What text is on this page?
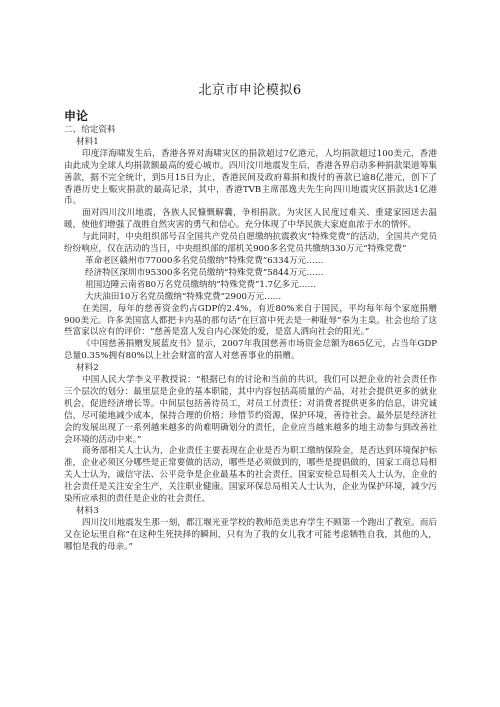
北京市申论模拟6
申论

二、给定资料

材料1

印度洋海啸发生后，香港各界对海啸灾区的捐款超过7亿港元，人均捐款超过100美元，香港由此成为全球人均捐款额最高的爱心城市。四川汶川地震发生后，香港各界启动多种捐款渠道筹集善款，据不完全统计，到5月15日为止，香港民间及政府募捐和拨付的善款已逾8亿港元，创下了香港历史上赈灾捐款的最高记录，其中，香港TVB主席邵逸夫先生向四川地震灾区捐款达1亿港币。

面对四川汶川地震，各族人民慷慨解囊，争相捐款。为灾区人民度过难关、重建家园送去温暖，使他们增强了战胜自然灾害的勇气和信心。充分体现了中华民族大家庭血浓于水的情怀。

与此同时，中央组织部号召全国共产党员自愿缴纳抗震救灾“特殊党费”的活动，全国共产党员纷纷响应，仅在活动的当日，中央组织部的部机关900多名党员共缴纳330万元“特殊党费”

革命老区赣州市77000多名党员缴纳“特殊党费”6334万元……

经济特区深圳市95300多名党员缴纳“特殊党费”5844万元……

祖国边陲云南省80万名党员缴纳纳“特殊党费”1.7亿多元……

大庆油田10万名党员缴纳“特殊党费”2900万元……

在美国，每年的慈善资金约占GDP的2.4%，有近80%来自于国民，平均每年每个家庭捐赠900美元。许多美国富人都把卡内基的那句话“在巨富中死去是一种耻辱”奉为主臬。社会也给了这些富家以应有的评价：“慈善是富人发自内心深处的爱，是富人洒向社会的阳光。”

《中国慈善捐赠发展蓝皮书》显示，2007年我国慈善市场资金总额为865亿元，占当年GDP总量0.35%拥有80%以上社会财富的富人对慈善事业的捐赠。

材料2

中国人民大学李义平教授说：“根据已有的讨论和当前的共识，我们可以把企业的社会责任作三个层次的划分：最里层是企业的基本职能，其中内容包括高质量的产品，对社会提供更多的就业机会，促进经济增长等。中间层包括善待员工，对员工付责任；对消费者提供更多的信息，讲究诚信，尽可能地减少成本，保持合理的价格；珍惜节约资源，保护环境，善待社会。最外层是经济社会的发展出现了一系列越来越多的尚难明确划分的责任，企业应当越来越多的地主动参与到改善社会环境的活动中来。”

商务部相关人士认为，企业责任主要表现在企业是否为职工缴纳保险金，是否达到环境保护标准，企业必须区分哪些是正常要做的活动，哪些是必须做到的，哪些是提倡做的，国家工商总局相关人士认为，诚信守法、公平竞争是企业最基本的社会责任，国家安检总局相关人士认为，企业的社会责任是关注安全生产，关注职业健康。国家环保总局相关人士认为，企业为保护环境，减少污染所应承担的责任是企业的社会责任。

材料3

四川汶川地震发生那一刻，都江堰光亚学校的教师范美忠弃学生不顾第一个跑出了教室。而后又在论坛里自称“在这种生死抉择的瞬间，只有为了我的女儿我才可能考虑牺牲自我，其他的人，哪怕是我的母亲。”
